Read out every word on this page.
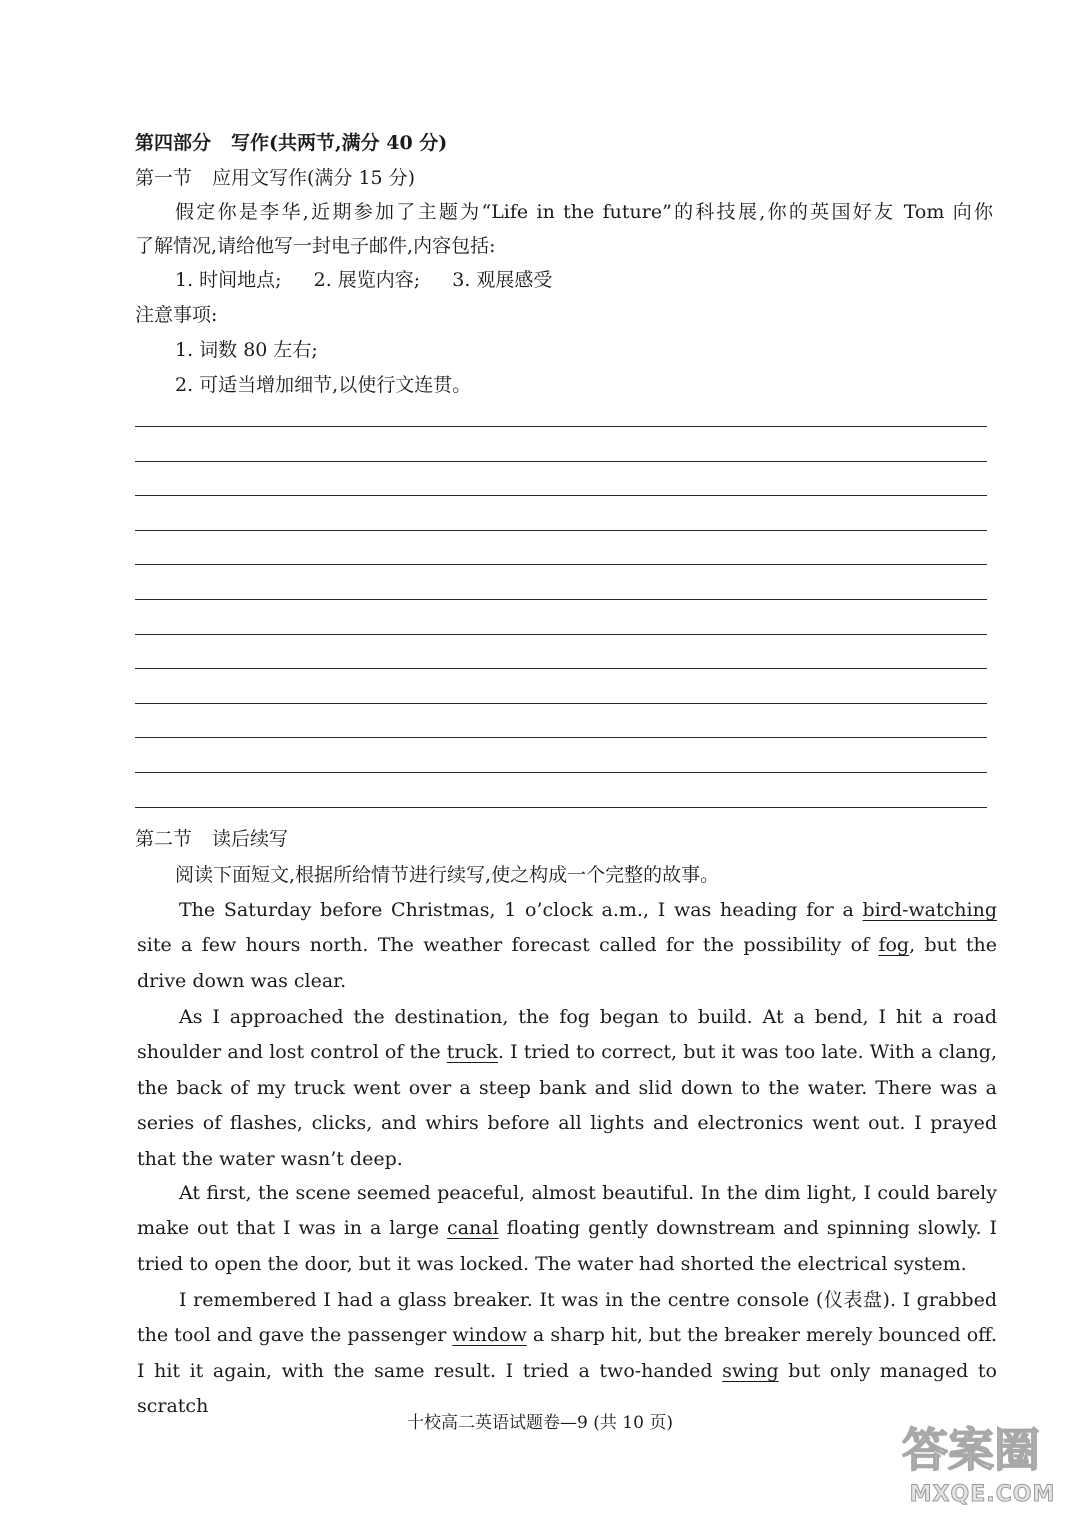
第四部分 写作(共两节,满分 40 分)
第一节 应用文写作(满分 15 分)
假定你是李华,近期参加了主题为“Life in the future”的科技展,你的英国好友 Tom 向你
了解情况,请给他写一封电子邮件,内容包括:
1. 时间地点; 2. 展览内容; 3. 观展感受
注意事项:
1. 词数 80 左右;
2. 可适当增加细节,以使行文连贯。
第二节 读后续写
阅读下面短文,根据所给情节进行续写,使之构成一个完整的故事。

The Saturday before Christmas, 1 o’clock a.m., I was heading for a bird-watching site a few hours north. The weather forecast called for the possibility of fog, but the drive down was clear.

As I approached the destination, the fog began to build. At a bend, I hit a road shoulder and lost control of the truck. I tried to correct, but it was too late. With a clang, the back of my truck went over a steep bank and slid down to the water. There was a series of flashes, clicks, and whirs before all lights and electronics went out. I prayed that the water wasn’t deep.

At first, the scene seemed peaceful, almost beautiful. In the dim light, I could barely make out that I was in a large canal floating gently downstream and spinning slowly. I tried to open the door, but it was locked. The water had shorted the electrical system.

I remembered I had a glass breaker. It was in the centre console (仪表盘). I grabbed the tool and gave the passenger window a sharp hit, but the breaker merely bounced off. I hit it again, with the same result. I tried a two-handed swing but only managed to scratch

十校高二英语试题卷—9 (共 10 页)	答案圈
MXQE.COM
